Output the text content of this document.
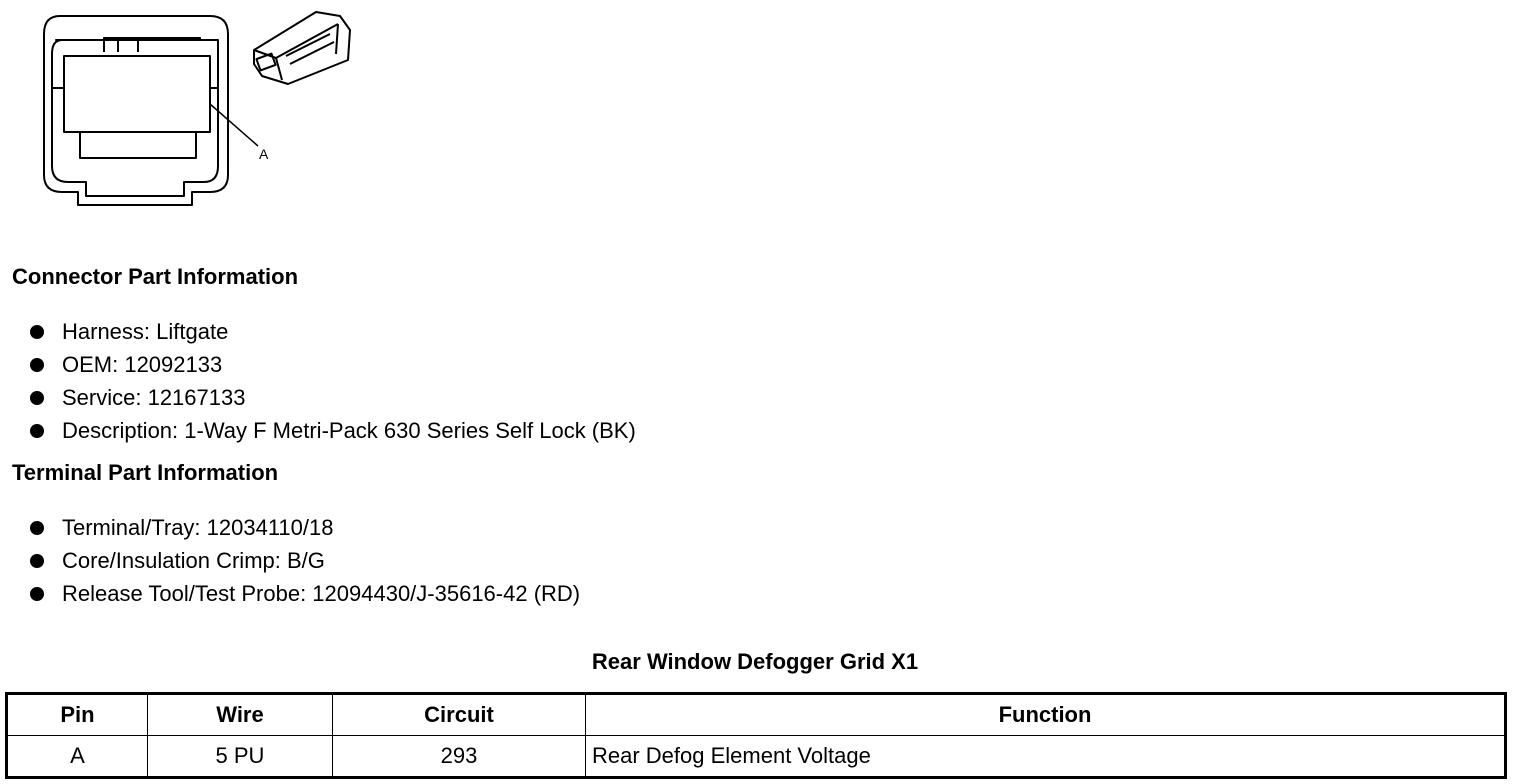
A
Connector Part Information
Harness: Liftgate
OEM: 12092133
Service: 12167133
Description: 1-Way F Metri-Pack 630 Series Self Lock (BK)
Terminal Part Information
Terminal/Tray: 12034110/18
Core/Insulation Crimp: B/G
Release Tool/Test Probe: 12094430/J-35616-42 (RD)
Rear Window Defogger Grid X1
Pin	Wire	Circuit	Function
A	5 PU	293	Rear Defog Element Voltage
